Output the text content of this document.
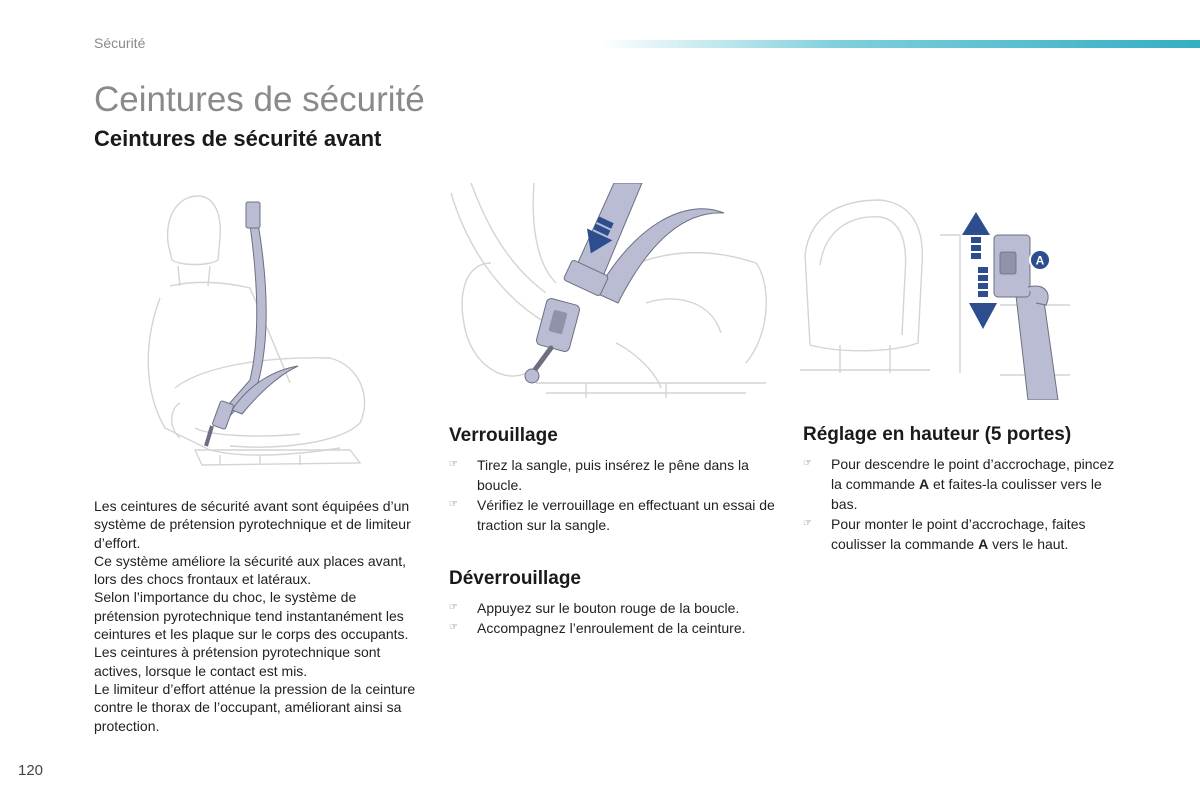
Sécurité
Ceintures de sécurité
Ceintures de sécurité avant
A

Les ceintures de sécurité avant sont équipées d’un système de prétension pyrotechnique et de limiteur d’effort.

Ce système améliore la sécurité aux places avant, lors des chocs frontaux et latéraux.

Selon l’importance du choc, le système de prétension pyrotechnique tend instantanément les ceintures et les plaque sur le corps des occupants.

Les ceintures à prétension pyrotechnique sont actives, lorsque le contact est mis.

Le limiteur d’effort atténue la pression de la ceinture contre le thorax de l’occupant, améliorant ainsi sa protection.

Verrouillage
☞ Tirez la sangle, puis insérez le pêne dans la boucle.
☞ Vérifiez le verrouillage en effectuant un essai de traction sur la sangle.
Déverrouillage
☞ Appuyez sur le bouton rouge de la boucle.
☞ Accompagnez l’enroulement de la ceinture.
Réglage en hauteur (5 portes)
☞ Pour descendre le point d’accrochage, pincez la commande A et faites-la coulisser vers le bas.
☞ Pour monter le point d’accrochage, faites coulisser la commande A vers le haut.
120
